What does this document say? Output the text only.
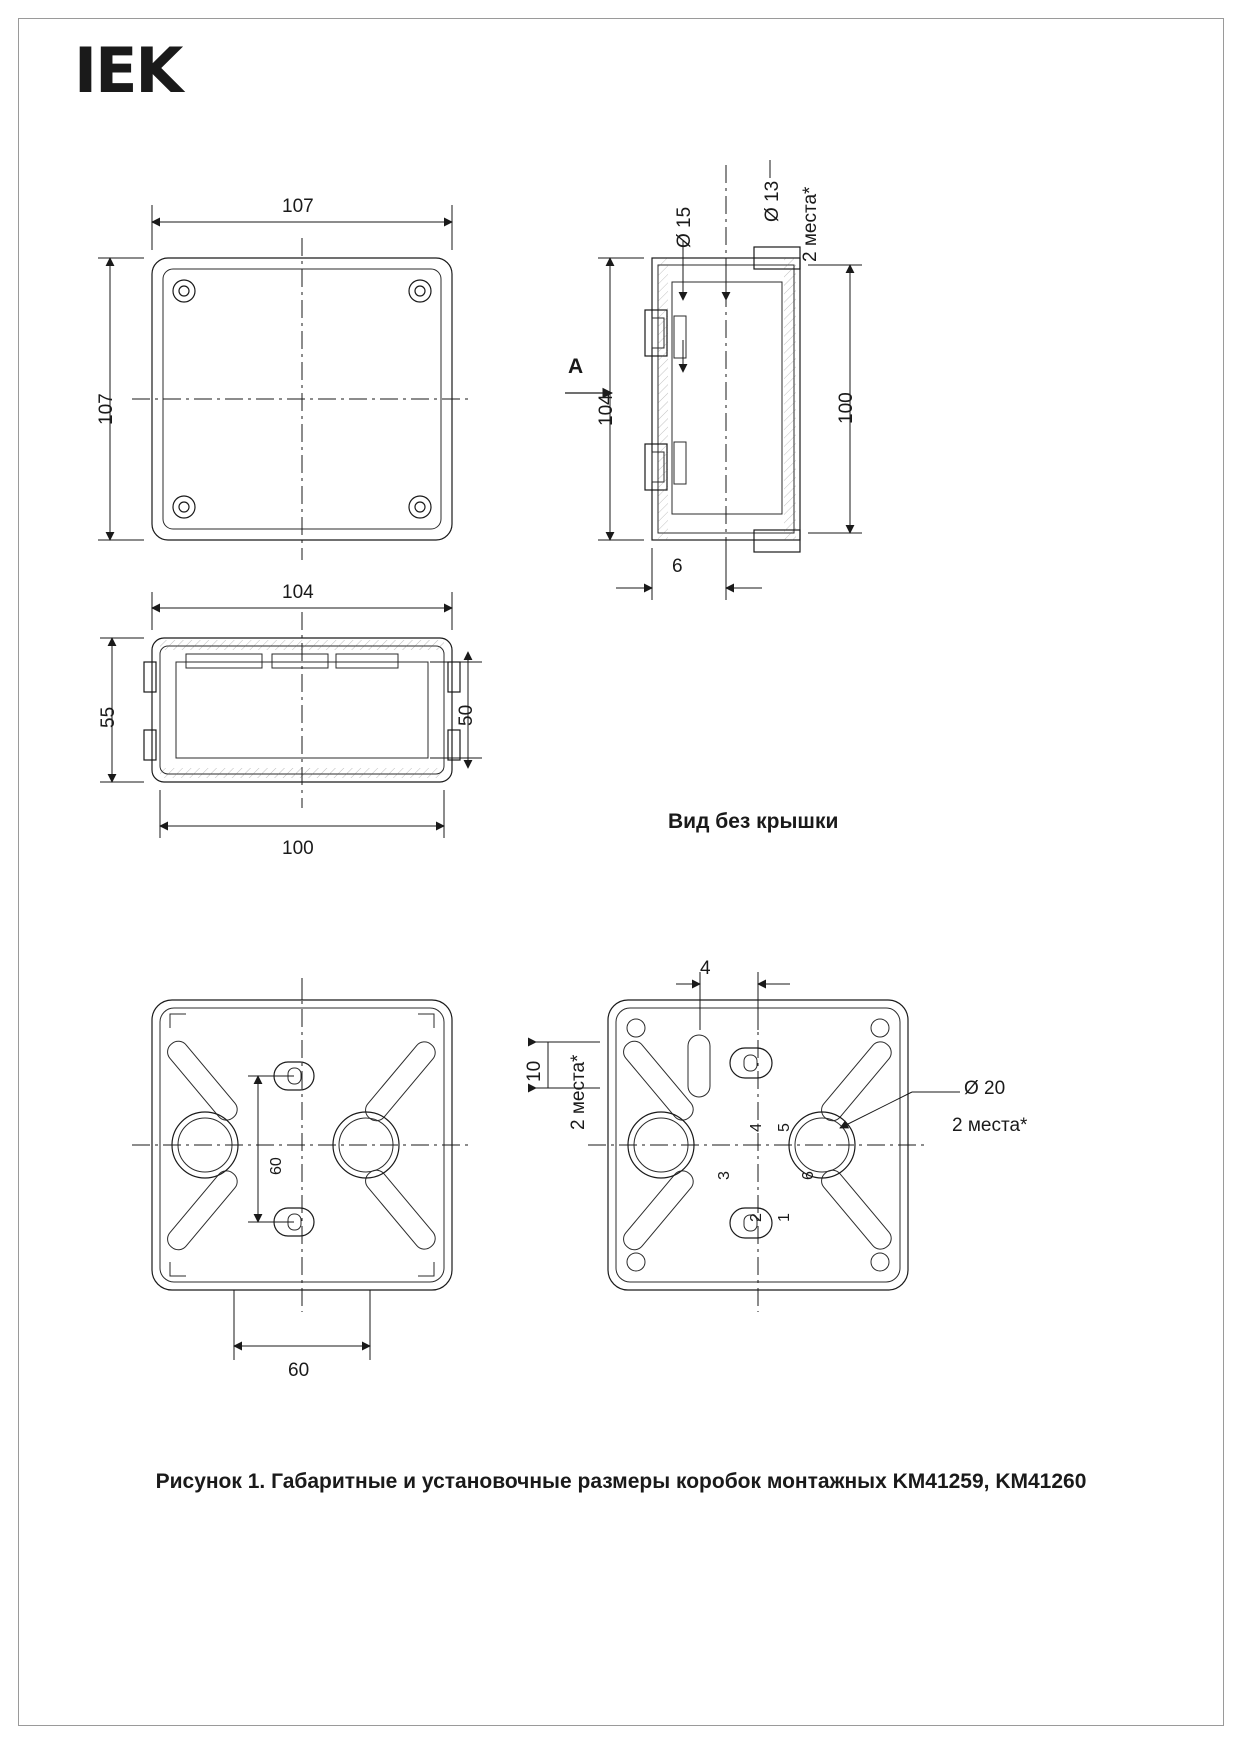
IEK
107
107
Ø 15
Ø 13 2 места*
104	100
6
A
104
100
55	50
Вид без крышки
60
60
4
10 2 места*	Ø 20
2 места*
4 5
3	6
2 1
Рисунок 1. Габаритные и установочные размеры коробок монтажных KM41259, KM41260
